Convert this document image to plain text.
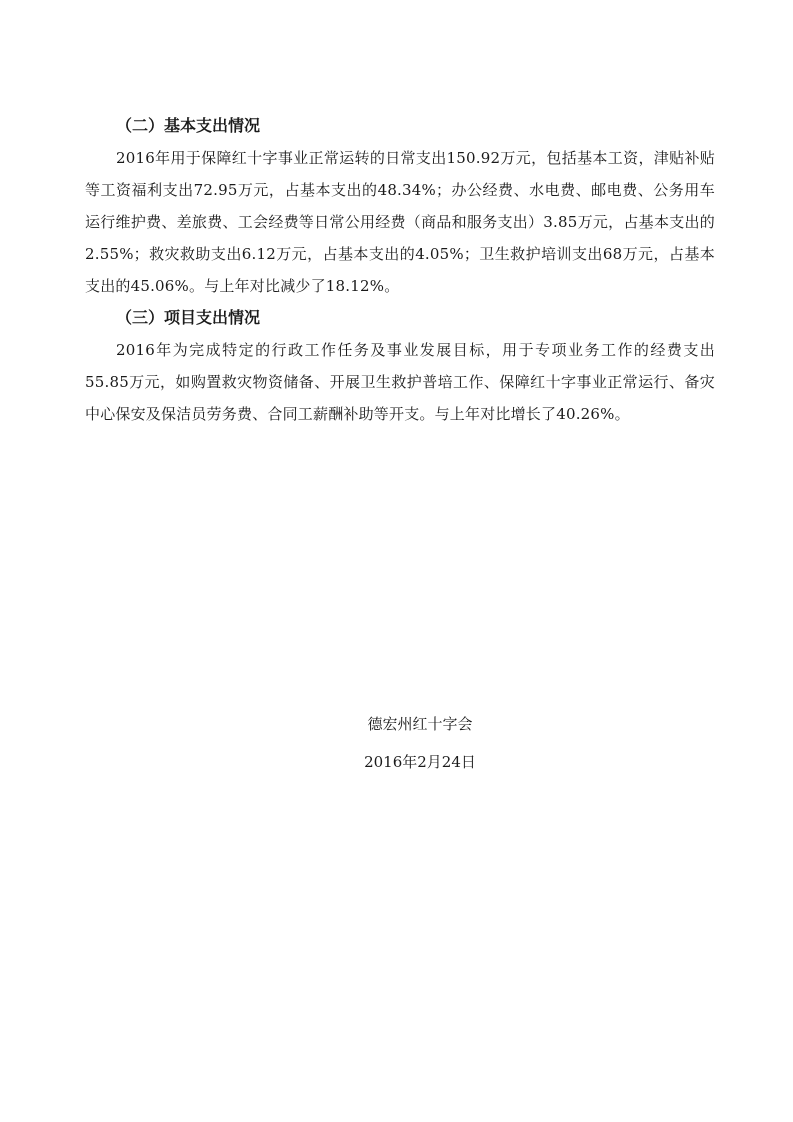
（二）基本支出情况

2016年用于保障红十字事业正常运转的日常支出150.92万元，包括基本工资，津贴补贴等工资福利支出72.95万元，占基本支出的48.34%；办公经费、水电费、邮电费、公务用车运行维护费、差旅费、工会经费等日常公用经费（商品和服务支出）3.85万元，占基本支出的2.55%；救灾救助支出6.12万元，占基本支出的4.05%；卫生救护培训支出68万元，占基本支出的45.06%。与上年对比减少了18.12%。

（三）项目支出情况

2016年为完成特定的行政工作任务及事业发展目标，用于专项业务工作的经费支出55.85万元，如购置救灾物资储备、开展卫生救护普培工作、保障红十字事业正常运行、备灾中心保安及保洁员劳务费、合同工薪酬补助等开支。与上年对比增长了40.26%。

德宏州红十字会
2016年2月24日
